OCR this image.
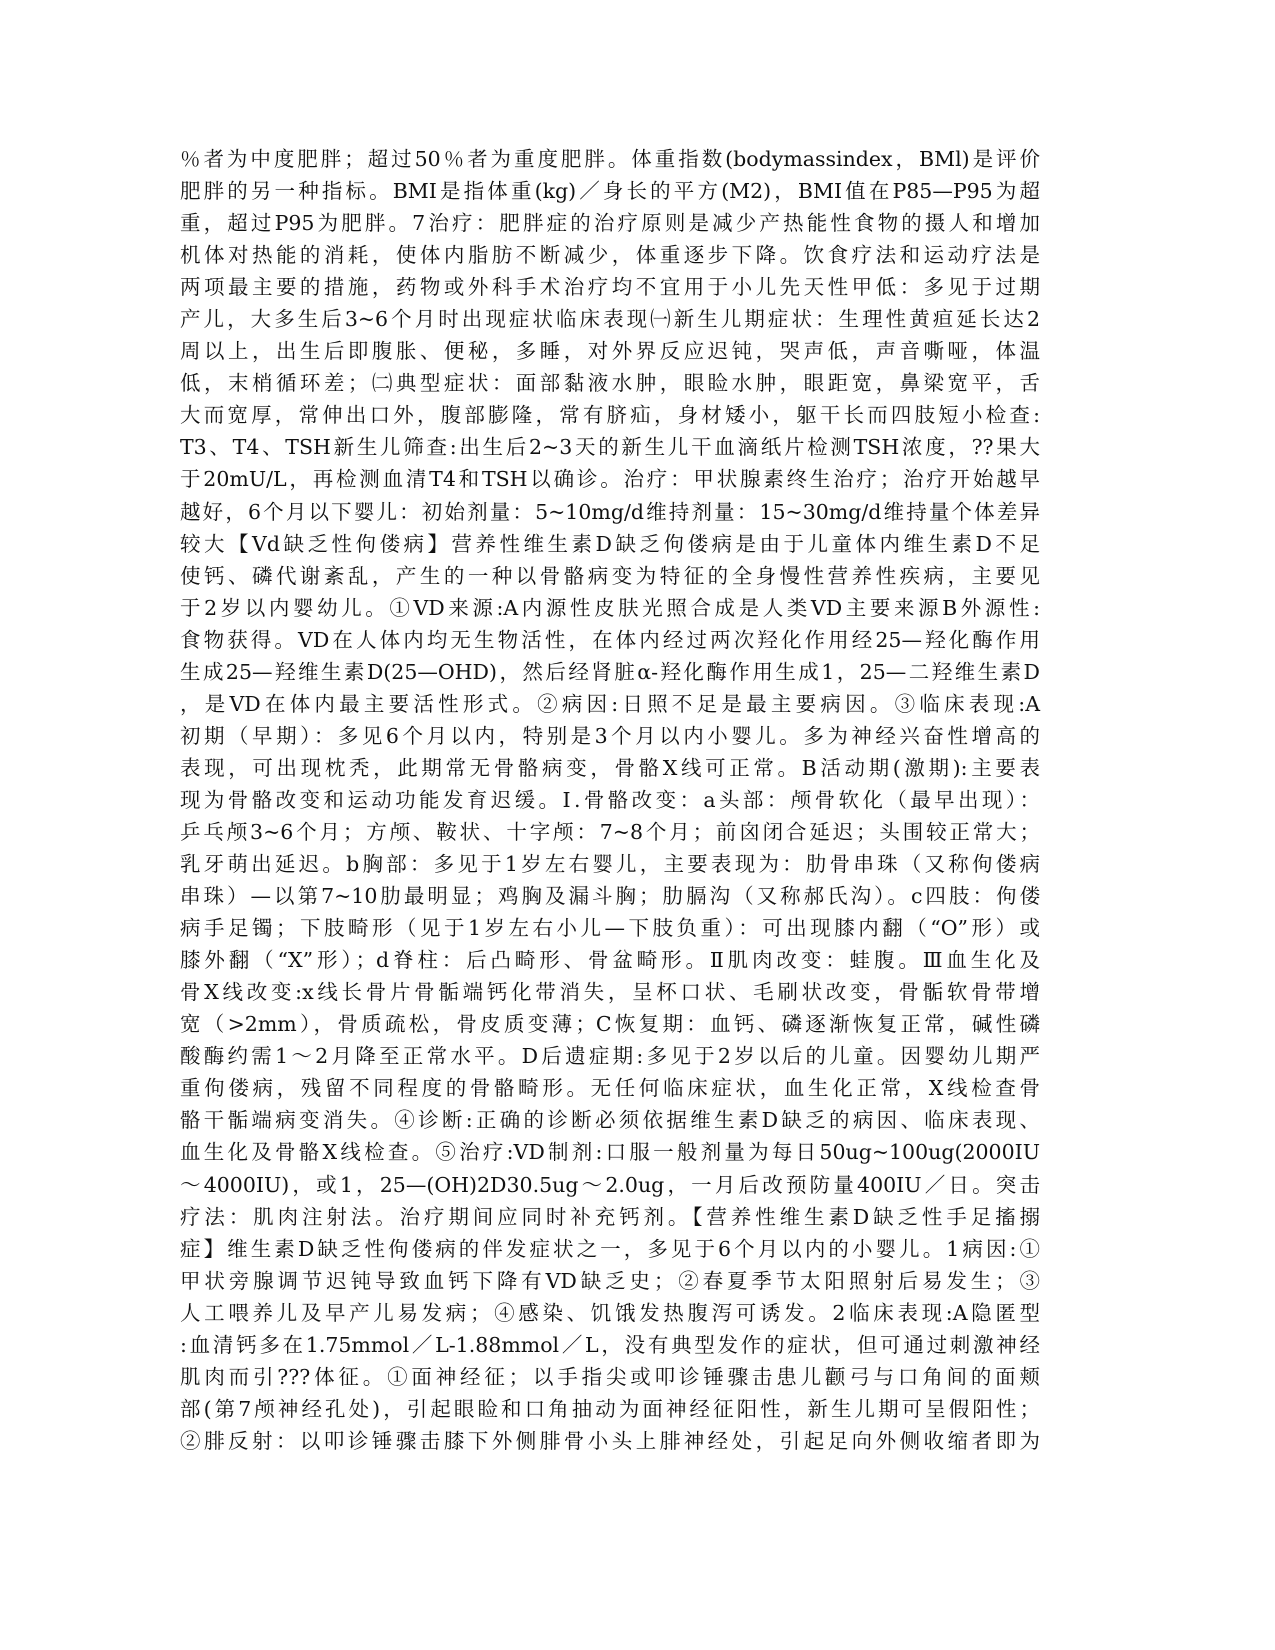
％者为中度肥胖；超过50％者为重度肥胖。体重指数(bodymassindex，BMl)是评价
肥胖的另一种指标。BMI是指体重(kg)／身长的平方(M2)，BMI值在P85—P95为超
重，超过P95为肥胖。7治疗：肥胖症的治疗原则是减少产热能性食物的摄人和增加
机体对热能的消耗，使体内脂肪不断减少，体重逐步下降。饮食疗法和运动疗法是
两项最主要的措施，药物或外科手术治疗均不宜用于小儿先天性甲低：多见于过期
产儿，大多生后3~6个月时出现症状临床表现㈠新生儿期症状：生理性黄疸延长达2
周以上，出生后即腹胀、便秘，多睡，对外界反应迟钝，哭声低，声音嘶哑，体温
低，末梢循环差；㈡典型症状：面部黏液水肿，眼睑水肿，眼距宽，鼻梁宽平，舌
大而宽厚，常伸出口外，腹部膨隆，常有脐疝，身材矮小，躯干长而四肢短小检查:
T3、T4、TSH新生儿筛查:出生后2~3天的新生儿干血滴纸片检测TSH浓度，??果大
于20mU/L，再检测血清T4和TSH以确诊。治疗：甲状腺素终生治疗；治疗开始越早
越好，6个月以下婴儿：初始剂量：5~10mg/d维持剂量：15~30mg/d维持量个体差异
较大【Vd缺乏性佝偻病】营养性维生素D缺乏佝偻病是由于儿童体内维生素D不足
使钙、磷代谢紊乱，产生的一种以骨骼病变为特征的全身慢性营养性疾病，主要见
于2岁以内婴幼儿。①VD来源:A内源性皮肤光照合成是人类VD主要来源B外源性:
食物获得。VD在人体内均无生物活性，在体内经过两次羟化作用经25—羟化酶作用
生成25—羟维生素D(25—OHD)，然后经肾脏α-羟化酶作用生成1，25—二羟维生素D
，是VD在体内最主要活性形式。②病因:日照不足是最主要病因。③临床表现:A
初期（早期）：多见6个月以内，特别是3个月以内小婴儿。多为神经兴奋性增高的
表现，可出现枕秃，此期常无骨骼病变，骨骼X线可正常。B活动期(激期):主要表
现为骨骼改变和运动功能发育迟缓。Ⅰ.骨骼改变：a头部：颅骨软化（最早出现）：
乒乓颅3~6个月；方颅、鞍状、十字颅：7~8个月；前囟闭合延迟；头围较正常大；
乳牙萌出延迟。b胸部：多见于1岁左右婴儿，主要表现为：肋骨串珠（又称佝偻病
串珠）—以第7~10肋最明显；鸡胸及漏斗胸；肋膈沟（又称郝氏沟）。c四肢：佝偻
病手足镯；下肢畸形（见于1岁左右小儿—下肢负重）：可出现膝内翻（“O”形）或
膝外翻（“X”形）；d脊柱：后凸畸形、骨盆畸形。Ⅱ肌肉改变：蛙腹。Ⅲ血生化及
骨X线改变:x线长骨片骨骺端钙化带消失，呈杯口状、毛刷状改变，骨骺软骨带增
宽（>2mm），骨质疏松，骨皮质变薄；C恢复期：血钙、磷逐渐恢复正常，碱性磷
酸酶约需1～2月降至正常水平。D后遗症期:多见于2岁以后的儿童。因婴幼儿期严
重佝偻病，残留不同程度的骨骼畸形。无任何临床症状，血生化正常，X线检查骨
骼干骺端病变消失。④诊断:正确的诊断必须依据维生素D缺乏的病因、临床表现、
血生化及骨骼X线检查。⑤治疗:VD制剂:口服一般剂量为每日50ug~100ug(2000IU
～4000IU)，或1，25—(OH)2D30.5ug～2.0ug，一月后改预防量400IU／日。突击
疗法：肌肉注射法。治疗期间应同时补充钙剂。【营养性维生素D缺乏性手足搐搦
症】维生素D缺乏性佝偻病的伴发症状之一，多见于6个月以内的小婴儿。1病因:①
甲状旁腺调节迟钝导致血钙下降有VD缺乏史；②春夏季节太阳照射后易发生；③
人工喂养儿及早产儿易发病；④感染、饥饿发热腹泻可诱发。2临床表现:A隐匿型
:血清钙多在1.75mmol／L-1.88mmol／L，没有典型发作的症状，但可通过刺激神经
肌肉而引???体征。①面神经征；以手指尖或叩诊锤骤击患儿颧弓与口角间的面颊
部(第7颅神经孔处)，引起眼睑和口角抽动为面神经征阳性，新生儿期可呈假阳性；
②腓反射：以叩诊锤骤击膝下外侧腓骨小头上腓神经处，引起足向外侧收缩者即为
